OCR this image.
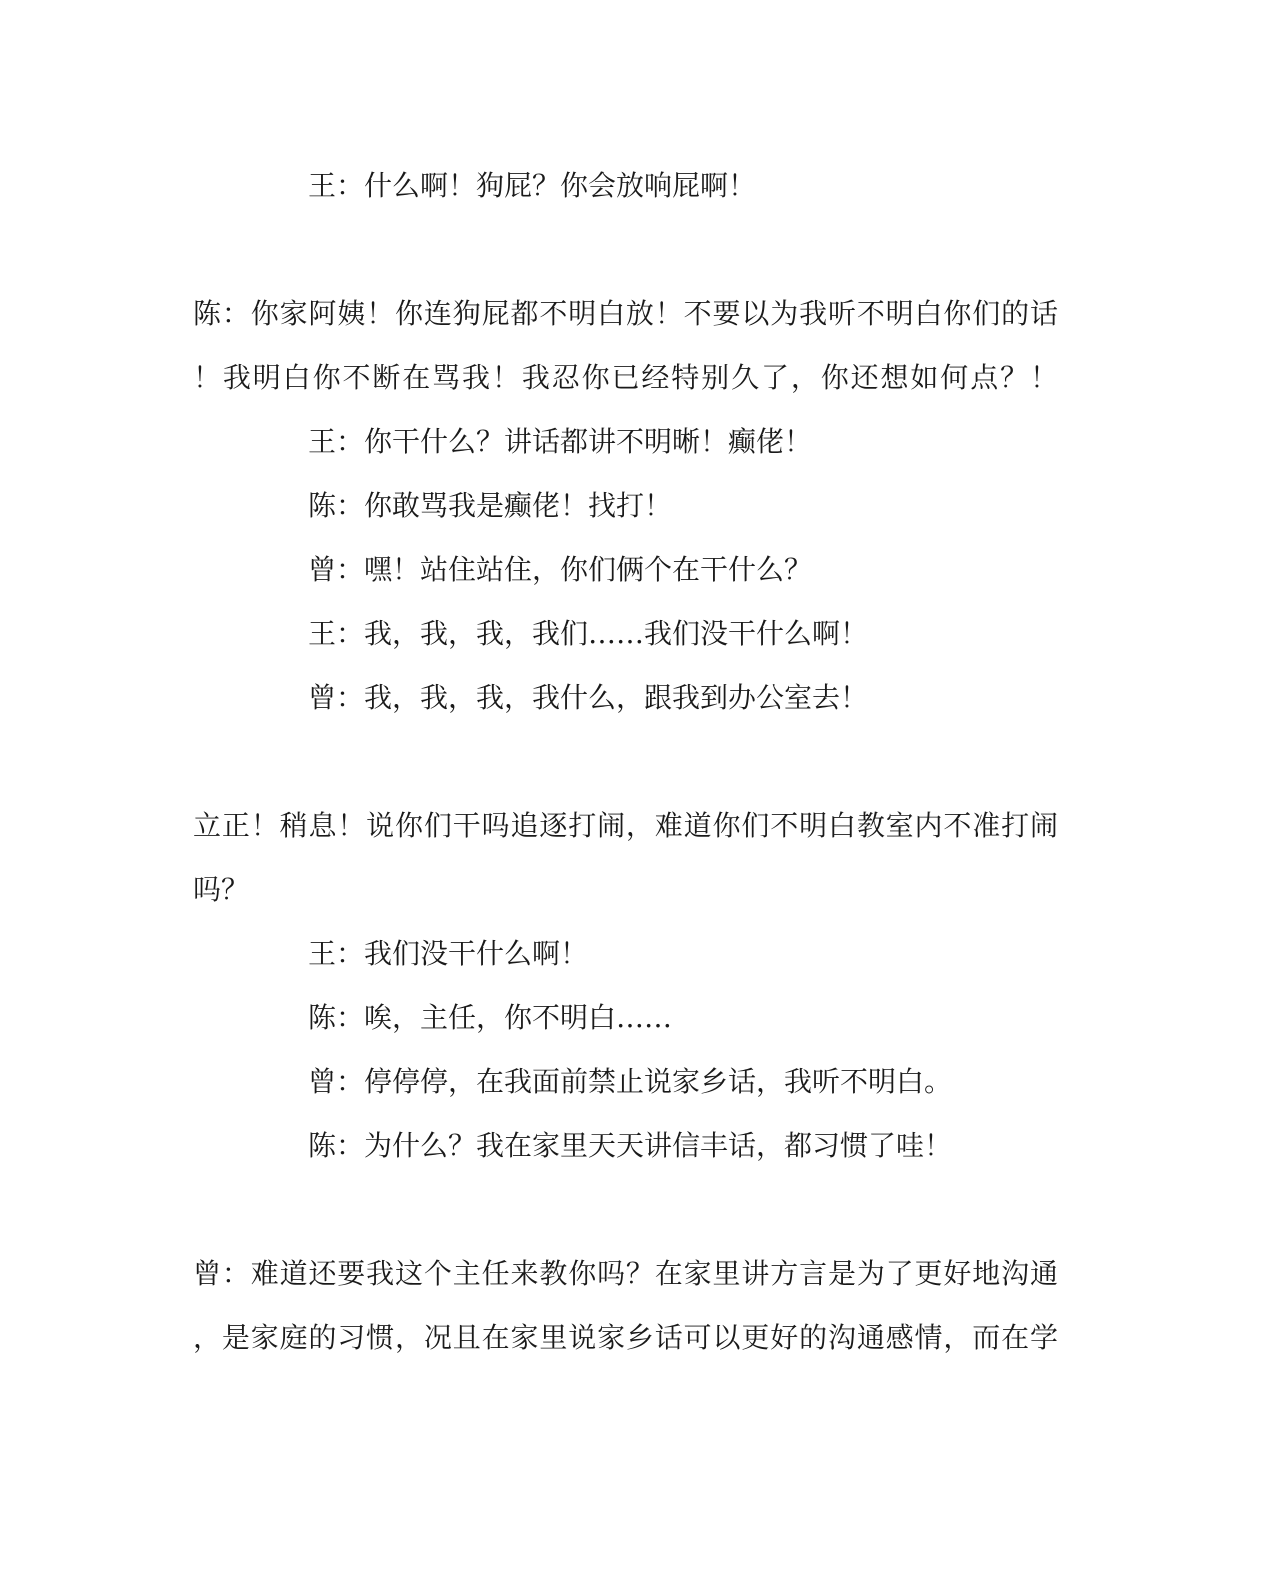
王：什么啊！狗屁？你会放响屁啊！
陈：你家阿姨！你连狗屁都不明白放！不要以为我听不明白你们的话
！我明白你不断在骂我！我忍你已经特别久了，你还想如何点？！
王：你干什么？讲话都讲不明晰！癫佬！
陈：你敢骂我是癫佬！找打！
曾：嘿！站住站住，你们俩个在干什么？
王：我，我，我，我们……我们没干什么啊！
曾：我，我，我，我什么，跟我到办公室去！
立正！稍息！说你们干吗追逐打闹，难道你们不明白教室内不准打闹
吗？
王：我们没干什么啊！
陈：唉，主任，你不明白……
曾：停停停，在我面前禁止说家乡话，我听不明白。
陈：为什么？我在家里天天讲信丰话，都习惯了哇！
曾：难道还要我这个主任来教你吗？在家里讲方言是为了更好地沟通
，是家庭的习惯，况且在家里说家乡话可以更好的沟通感情，而在学
